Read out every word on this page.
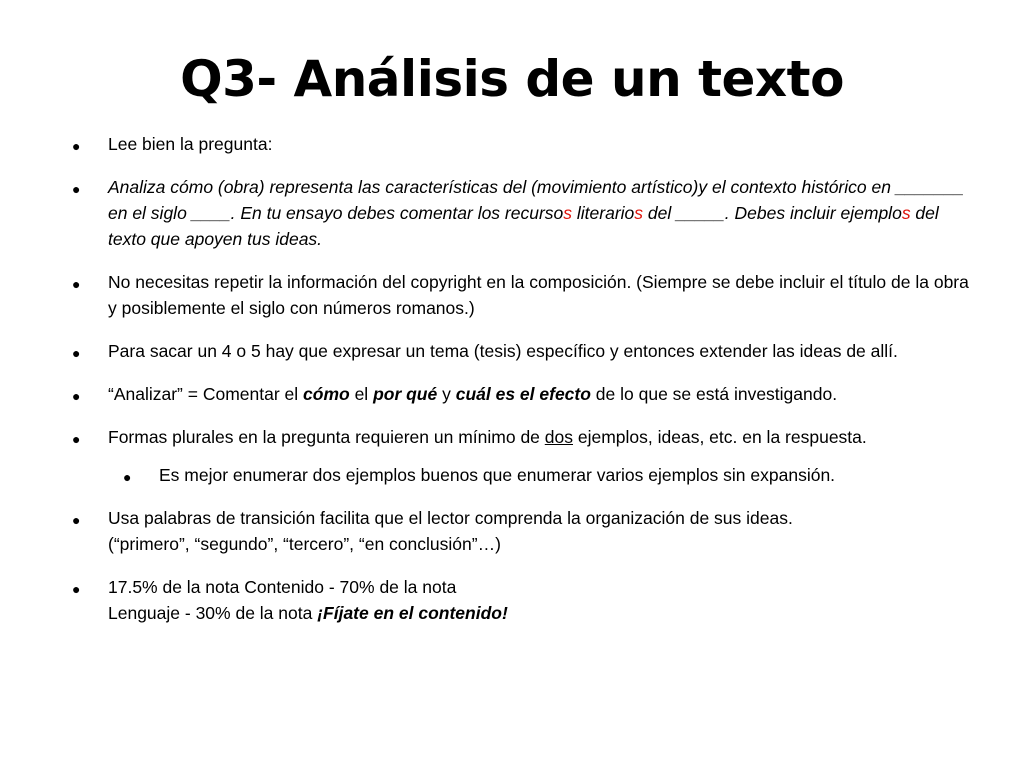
Q3- Análisis de un texto
● Lee bien la pregunta:
● Analiza cómo (obra) representa las características del (movimiento artístico)y el contexto histórico en _______ en el siglo ____. En tu ensayo debes comentar los recursos literarios del _____. Debes incluir ejemplos del texto que apoyen tus ideas.
● No necesitas repetir la información del copyright en la composición. (Siempre se debe incluir el título de la obra y posiblemente el siglo con números romanos.)
● Para sacar un 4 o 5 hay que expresar un tema (tesis) específico y entonces extender las ideas de allí.
● “Analizar” = Comentar el cómo el por qué y cuál es el efecto de lo que se está investigando.
● Formas plurales en la pregunta requieren un mínimo de dos ejemplos, ideas, etc. en la respuesta.
● Es mejor enumerar dos ejemplos buenos que enumerar varios ejemplos sin expansión.
● Usa palabras de transición facilita que el lector comprenda la organización de sus ideas.
(“primero”, “segundo”, “tercero”, “en conclusión”…)
● 17.5% de la nota Contenido - 70% de la nota
Lenguaje - 30% de la nota ¡Fíjate en el contenido!
